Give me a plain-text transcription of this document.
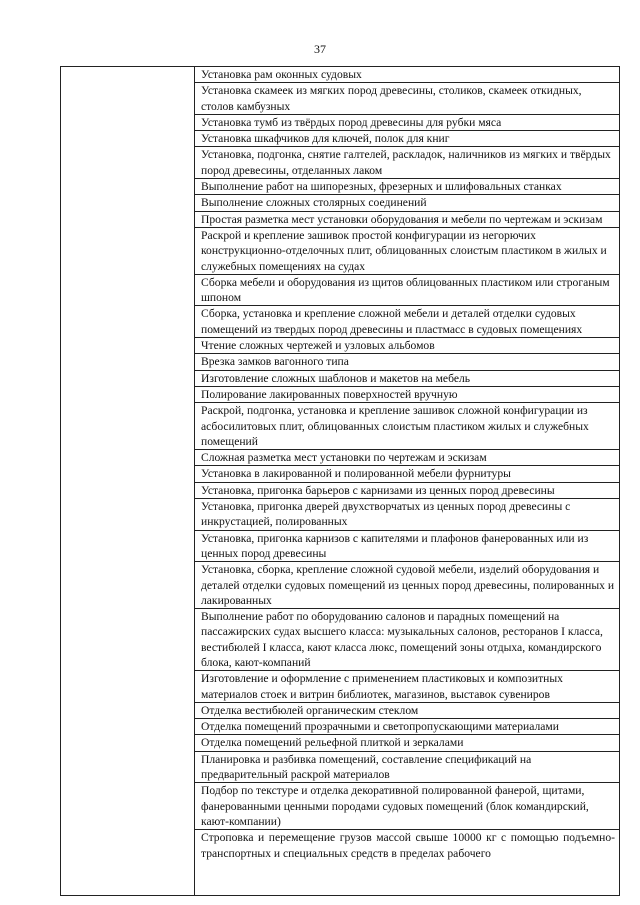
37

Установка рам оконных судовых
Установка скамеек из мягких пород древесины, столиков, скамеек откидных, столов камбузных
Установка тумб из твёрдых пород древесины для рубки мяса
Установка шкафчиков для ключей, полок для книг
Установка, подгонка, снятие галтелей, раскладок, наличников из мягких и твёрдых пород древесины, отделанных лаком
Выполнение работ на шипорезных, фрезерных и шлифовальных станках
Выполнение сложных столярных соединений
Простая разметка мест установки оборудования и мебели по чертежам и эскизам
Раскрой и крепление зашивок простой конфигурации из негорючих конструкционно-отделочных плит, облицованных слоистым пластиком в жилых и служебных помещениях на судах
Сборка мебели и оборудования из щитов облицованных пластиком или строганым шпоном
Сборка, установка и крепление сложной мебели и деталей отделки судовых помещений из твердых пород древесины и пластмасс в судовых помещениях
Чтение сложных чертежей и узловых альбомов
Врезка замков вагонного типа
Изготовление сложных шаблонов и макетов на мебель
Полирование лакированных поверхностей вручную
Раскрой, подгонка, установка и крепление зашивок сложной конфигурации из асбосилитовых плит, облицованных слоистым пластиком жилых и служебных помещений
Сложная разметка мест установки по чертежам и эскизам
Установка в лакированной и полированной мебели фурнитуры
Установка, пригонка барьеров с карнизами из ценных пород древесины
Установка, пригонка дверей двухстворчатых из ценных пород древесины с инкрустацией, полированных
Установка, пригонка карнизов с капителями и плафонов фанерованных или из ценных пород древесины
Установка, сборка, крепление сложной судовой мебели, изделий оборудования и деталей отделки судовых помещений из ценных пород древесины, полированных и лакированных
Выполнение работ по оборудованию салонов и парадных помещений на пассажирских судах высшего класса: музыкальных салонов, ресторанов I класса, вестибюлей I класса, кают класса люкс, помещений зоны отдыха, командирского блока, кают-компаний
Изготовление и оформление с применением пластиковых и композитных материалов стоек и витрин библиотек, магазинов, выставок сувениров
Отделка вестибюлей органическим стеклом
Отделка помещений прозрачными и светопропускающими материалами
Отделка помещений рельефной плиткой и зеркалами
Планировка и разбивка помещений, составление спецификаций на предварительный раскрой материалов
Подбор по текстуре и отделка декоративной полированной фанерой, щитами, фанерованными ценными породами судовых помещений (блок командирский, кают-компании)
Строповка и перемещение грузов массой свыше 10000 кг с помощью подъемно-транспортных и специальных средств в пределах рабочего
